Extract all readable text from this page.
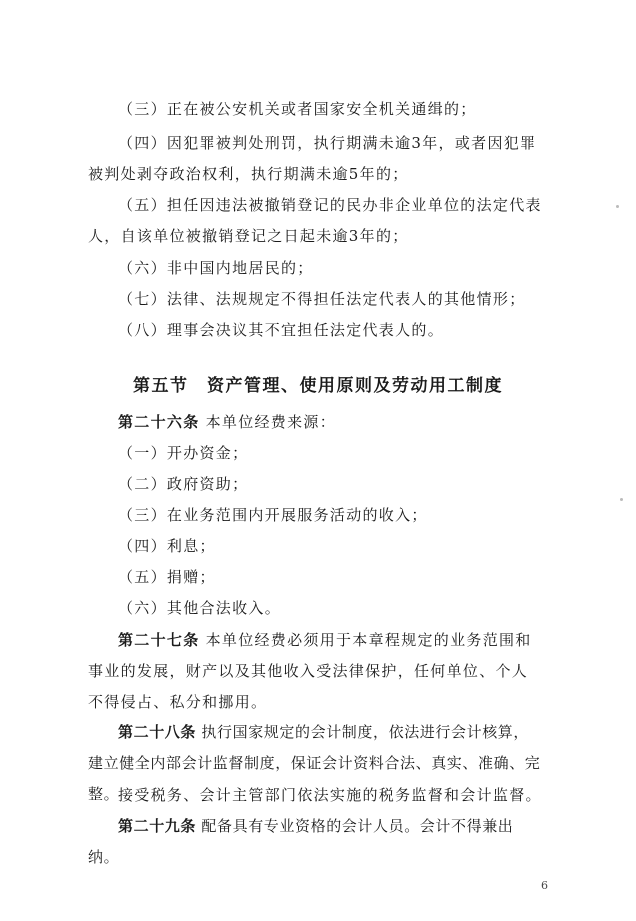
（三）正在被公安机关或者国家安全机关通缉的；

（四）因犯罪被判处刑罚，执行期满未逾3年，或者因犯罪被判处剥夺政治权利，执行期满未逾5年的；

（五）担任因违法被撤销登记的民办非企业单位的法定代表人，自该单位被撤销登记之日起未逾3年的；

（六）非中国内地居民的；

（七）法律、法规规定不得担任法定代表人的其他情形；

（八）理事会决议其不宜担任法定代表人的。

第五节　资产管理、使用原则及劳动用工制度

第二十六条 本单位经费来源：

（一）开办资金；

（二）政府资助；

（三）在业务范围内开展服务活动的收入；

（四）利息；

（五）捐赠；

（六）其他合法收入。

第二十七条 本单位经费必须用于本章程规定的业务范围和事业的发展，财产以及其他收入受法律保护，任何单位、个人不得侵占、私分和挪用。

第二十八条 执行国家规定的会计制度，依法进行会计核算，建立健全内部会计监督制度，保证会计资料合法、真实、准确、完整。

接受税务、会计主管部门依法实施的税务监督和会计监督。

第二十九条 配备具有专业资格的会计人员。会计不得兼出纳。

6
